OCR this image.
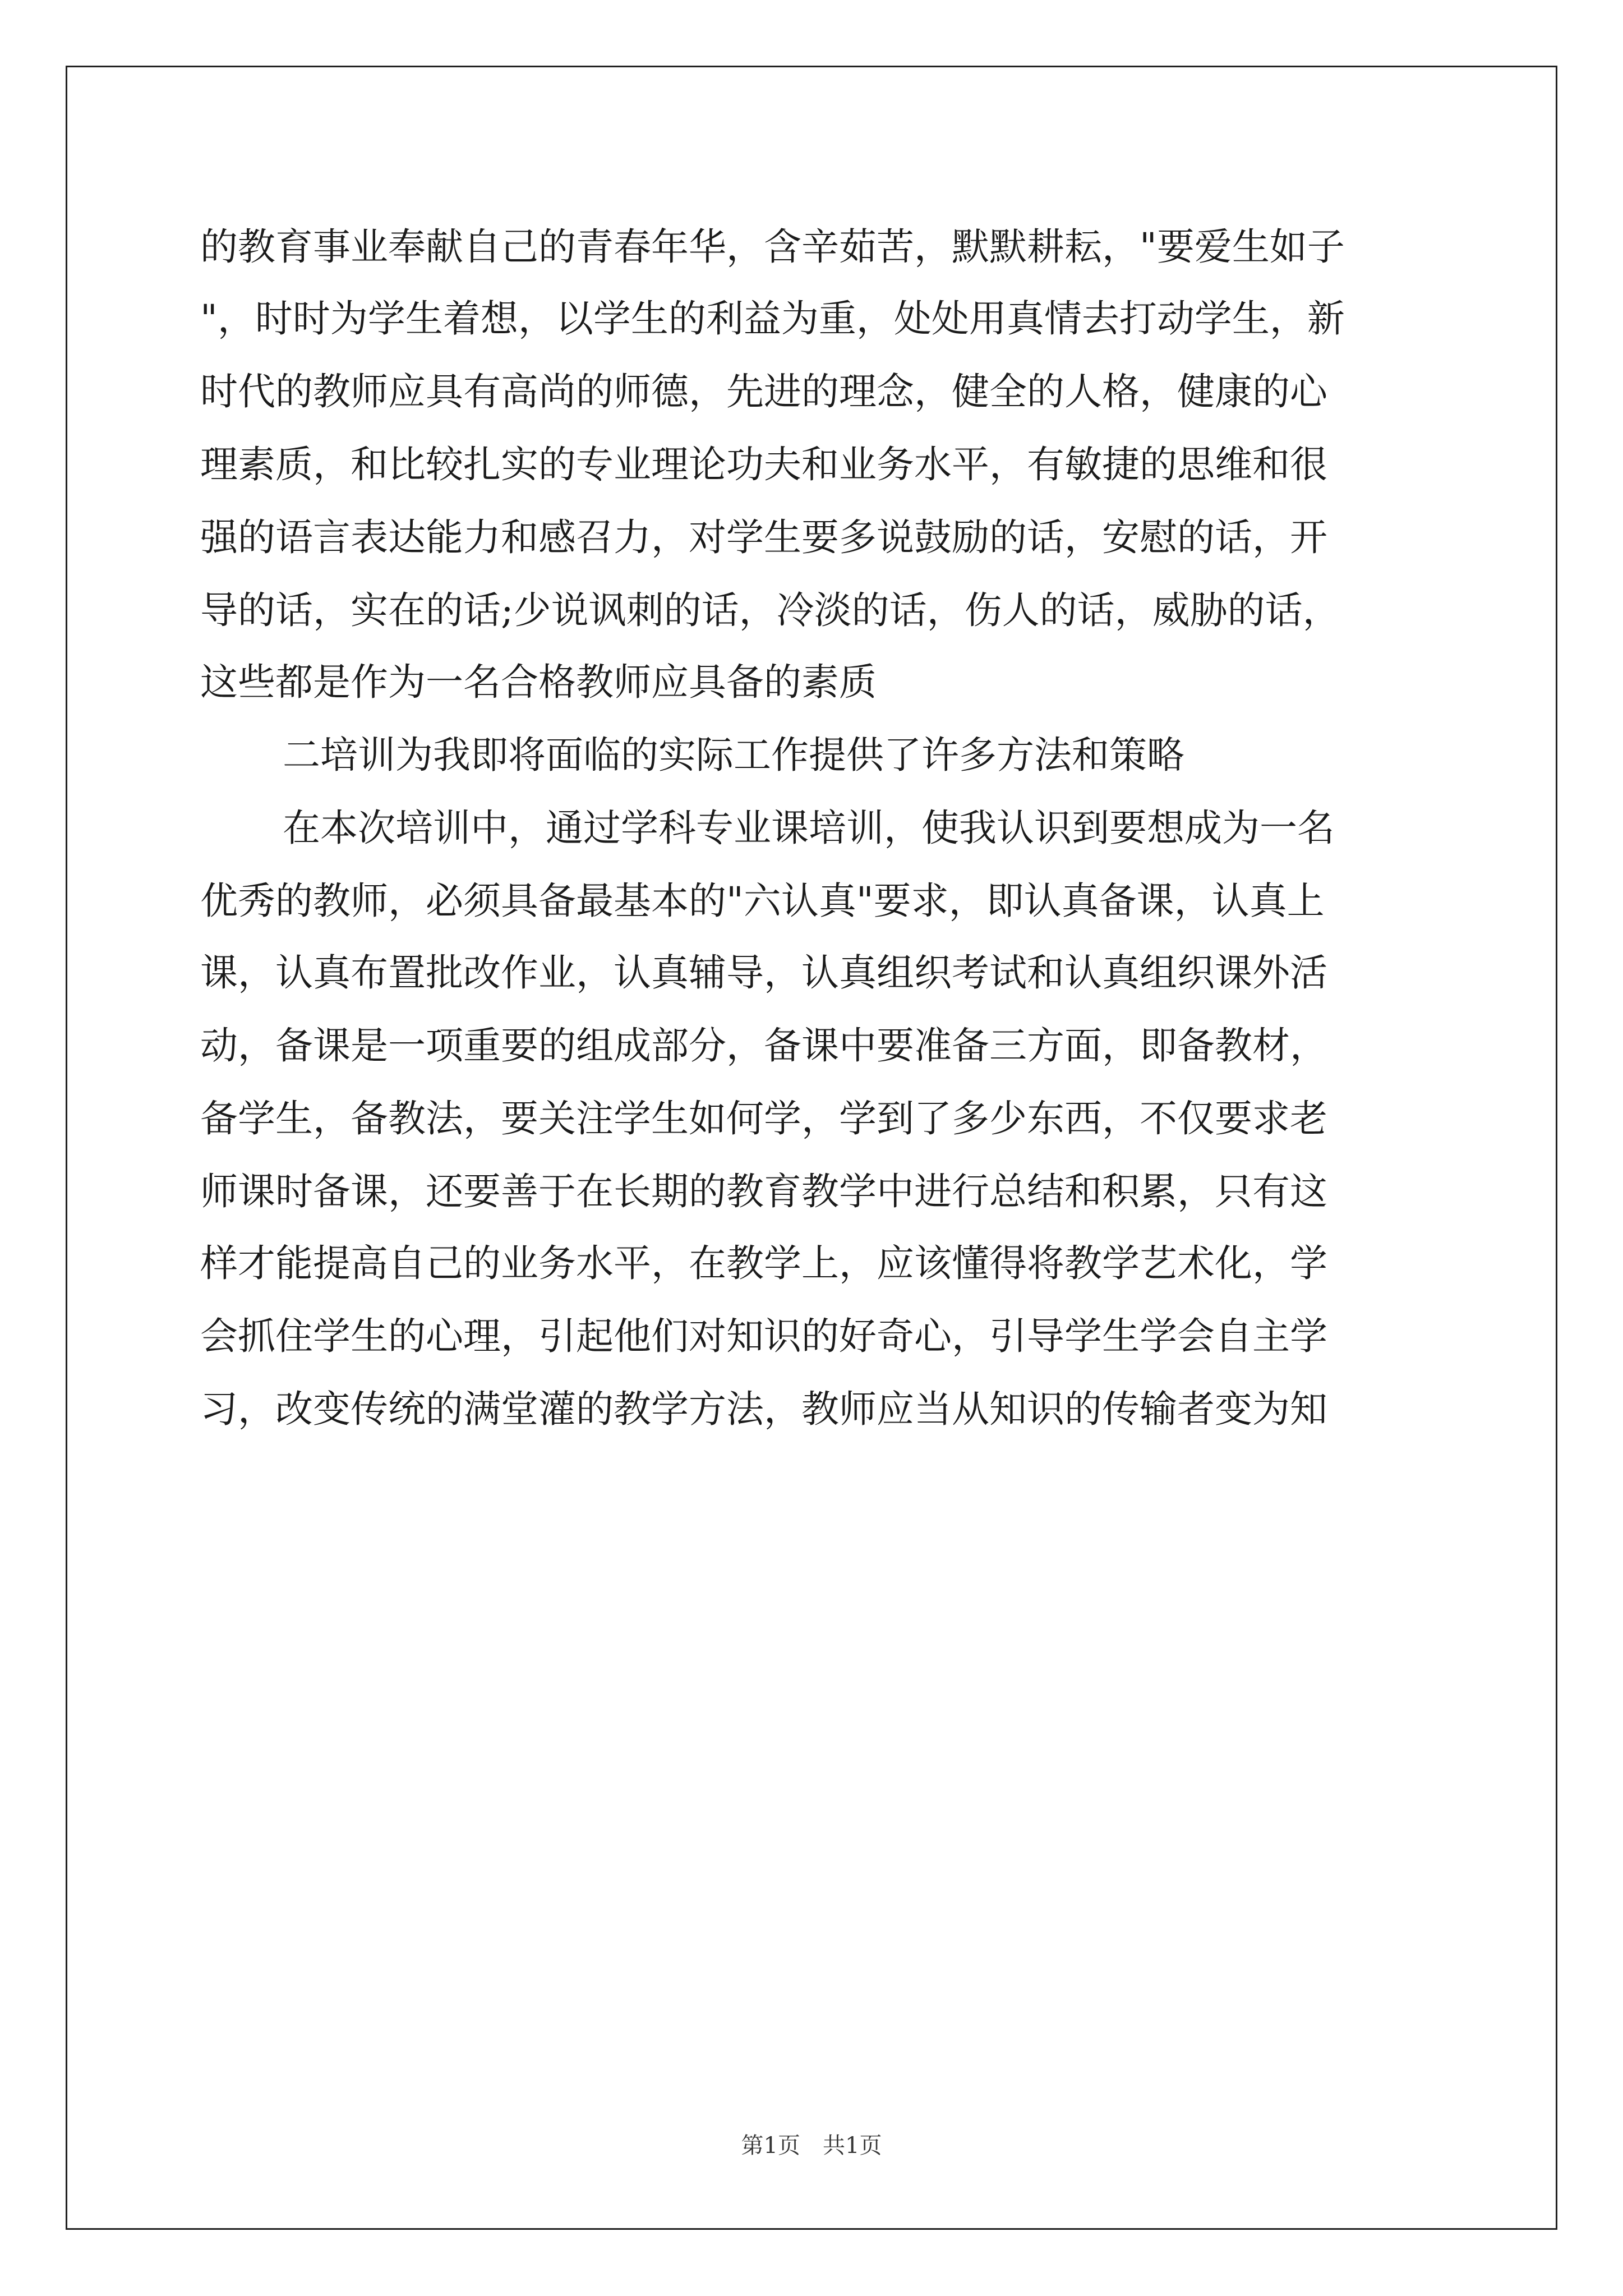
的教育事业奉献自己的青春年华，含辛茹苦，默默耕耘，"要爱生如子
"，时时为学生着想，以学生的利益为重，处处用真情去打动学生，新
时代的教师应具有高尚的师德，先进的理念，健全的人格，健康的心
理素质，和比较扎实的专业理论功夫和业务水平，有敏捷的思维和很
强的语言表达能力和感召力，对学生要多说鼓励的话，安慰的话，开
导的话，实在的话;少说讽刺的话，冷淡的话，伤人的话，威胁的话，
这些都是作为一名合格教师应具备的素质
二培训为我即将面临的实际工作提供了许多方法和策略
在本次培训中，通过学科专业课培训，使我认识到要想成为一名
优秀的教师，必须具备最基本的"六认真"要求，即认真备课，认真上
课，认真布置批改作业，认真辅导，认真组织考试和认真组织课外活
动，备课是一项重要的组成部分，备课中要准备三方面，即备教材，
备学生，备教法，要关注学生如何学，学到了多少东西，不仅要求老
师课时备课，还要善于在长期的教育教学中进行总结和积累，只有这
样才能提高自己的业务水平，在教学上，应该懂得将教学艺术化，学
会抓住学生的心理，引起他们对知识的好奇心，引导学生学会自主学
习，改变传统的满堂灌的教学方法，教师应当从知识的传输者变为知
第1页　共1页
